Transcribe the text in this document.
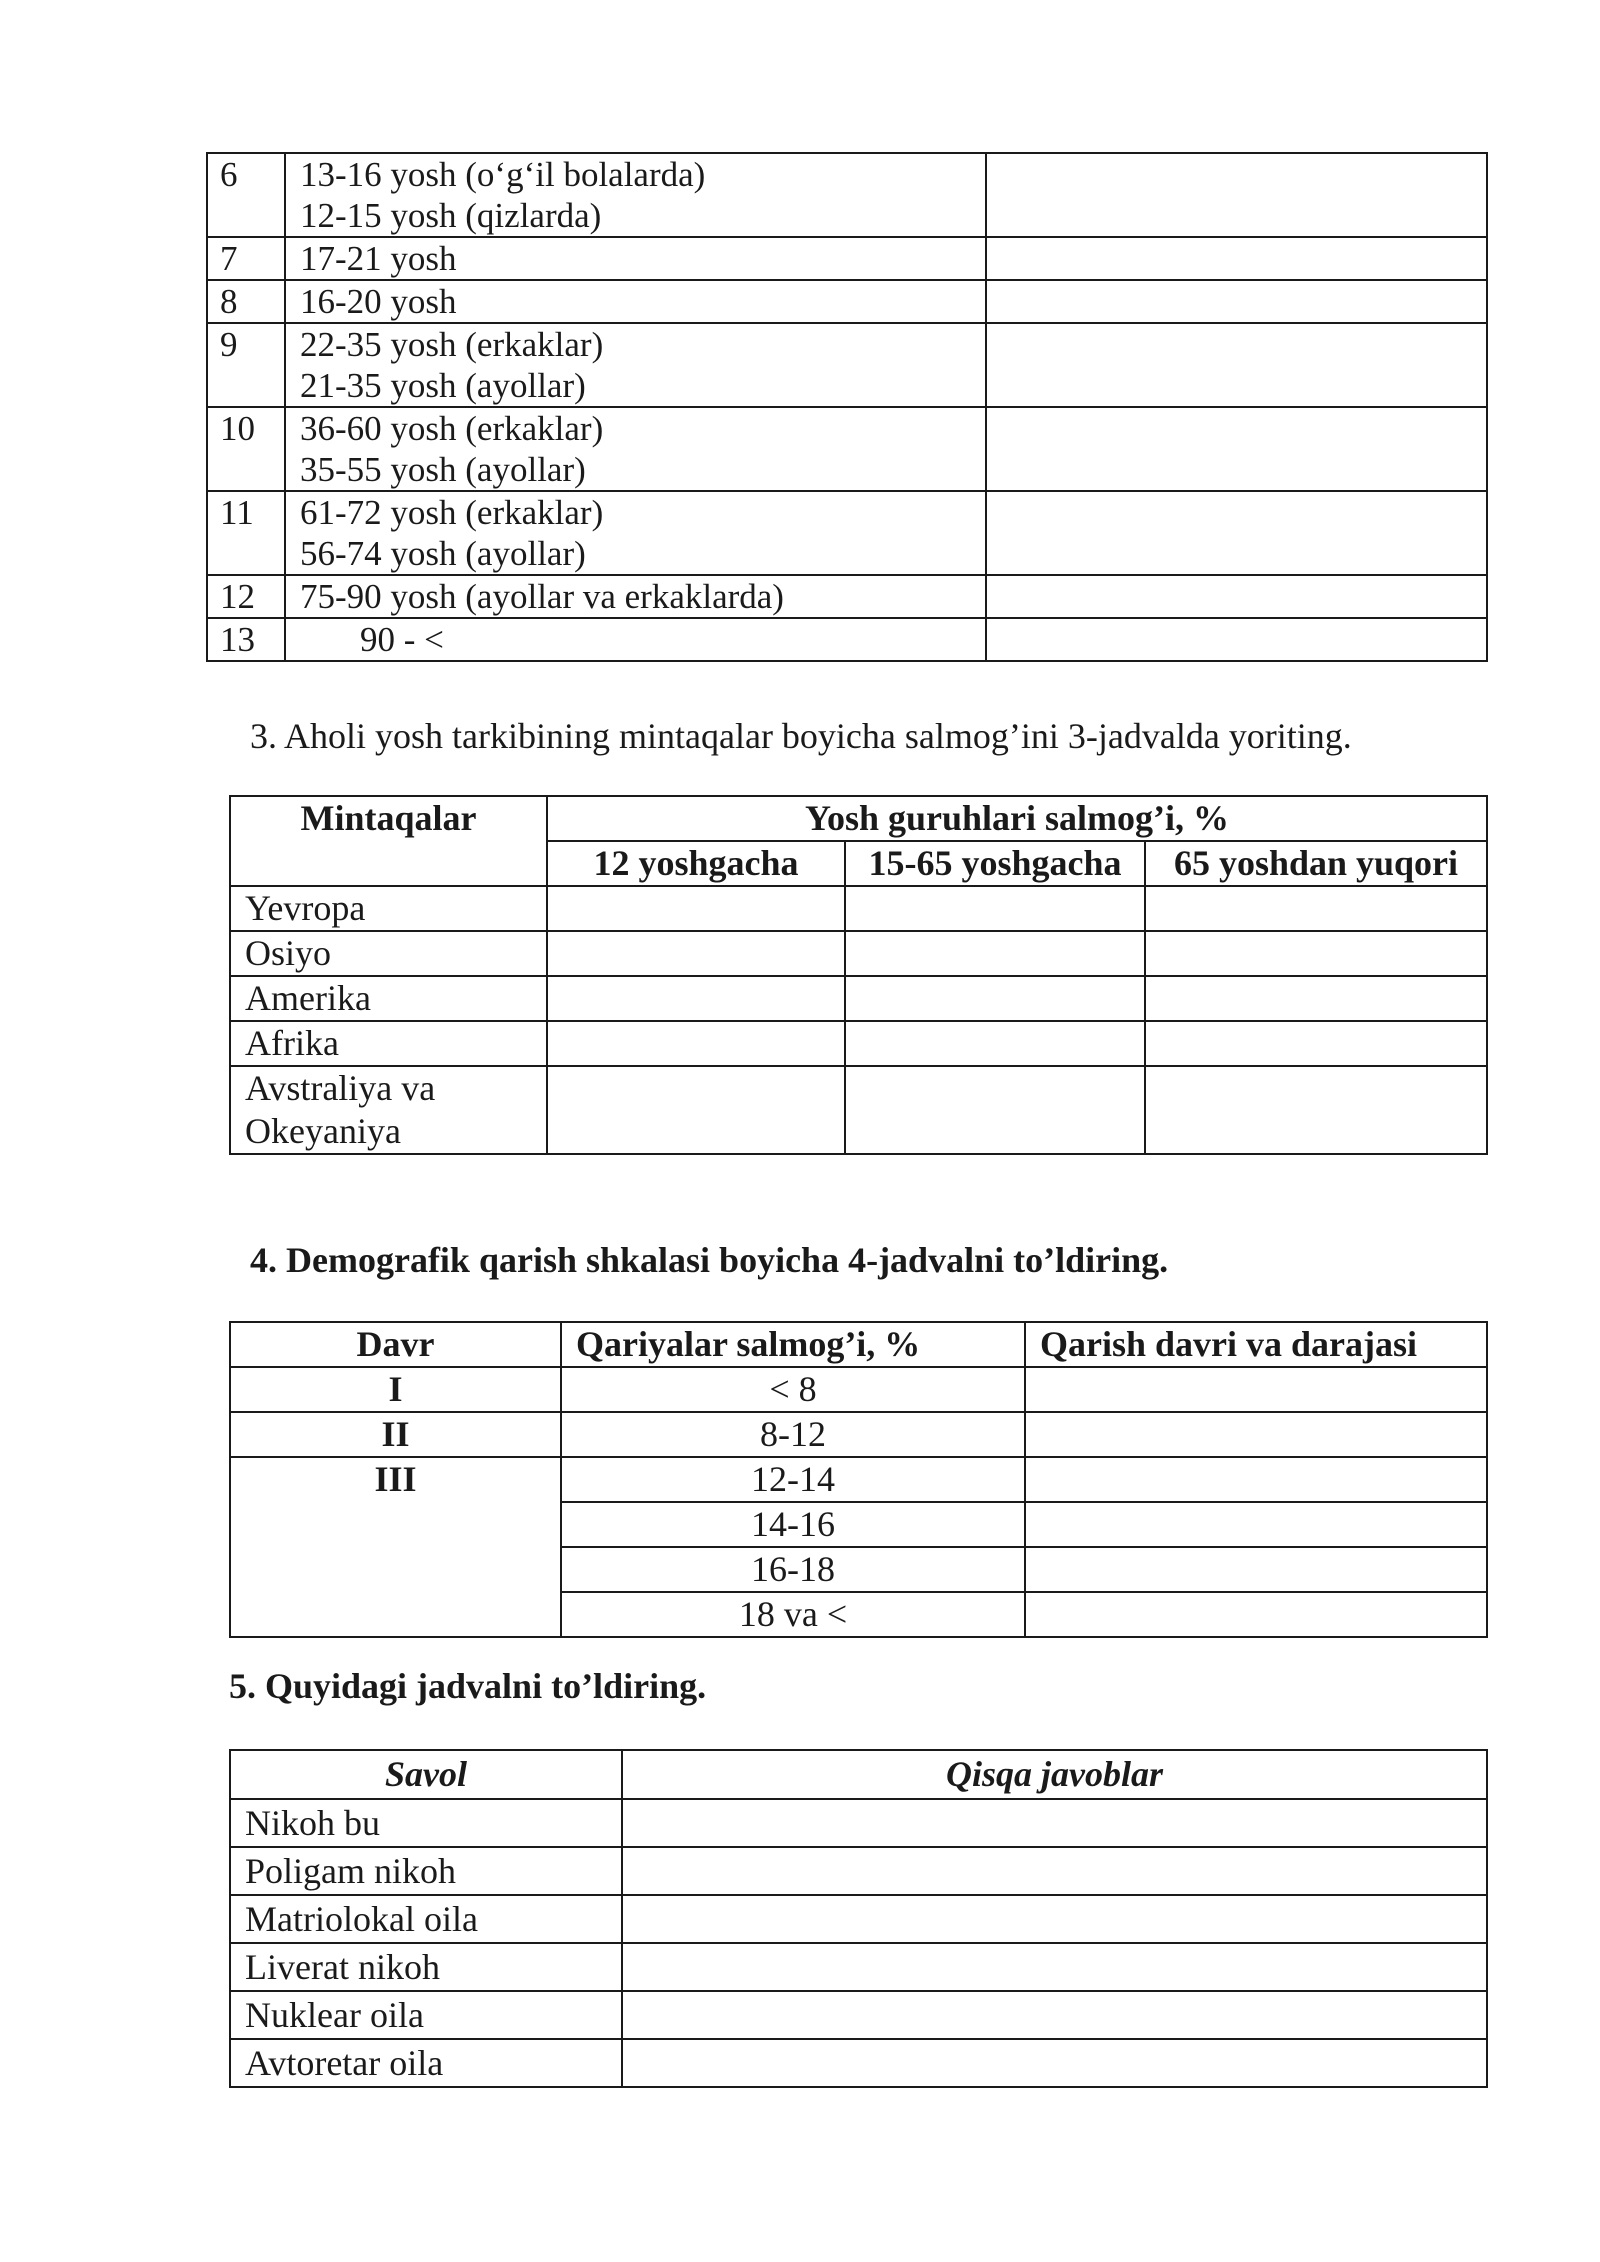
6	13-16 yosh (o‘g‘il bolalarda)
12-15 yosh (qizlarda)	

7	17-21 yosh	
8	16-20 yosh	
9	22-35 yosh (erkaklar)
21-35 yosh (ayollar)	

10	36-60 yosh (erkaklar)
35-55 yosh (ayollar)	

11	61-72 yosh (erkaklar)
56-74 yosh (ayollar)	

12	75-90 yosh (ayollar va erkaklarda)	
13	90 - <	
3. Aholi yosh tarkibining mintaqalar boyicha salmog’ini 3-jadvalda yoriting.
Mintaqalar	Yosh guruhlari salmog’i, %		
	12 yoshgacha	15-65 yoshgacha	65 yoshdan yuqori
Yevropa			
Osiyo			
Amerika			
Afrika			
Avstraliya va Okeyaniya			
4. Demografik qarish shkalasi boyicha 4-jadvalni to’ldiring.
Davr	Qariyalar salmog’i, %	Qarish davri va darajasi
I	< 8	
II	8-12	
III	12-14	
	14-16	
	16-18	
	18 va <	
5. Quyidagi jadvalni to’ldiring.
Savol	Qisqa javoblar
Nikoh bu	
Poligam nikoh	
Matriolokal oila	
Liverat nikoh	
Nuklear oila	
Avtoretar oila	
